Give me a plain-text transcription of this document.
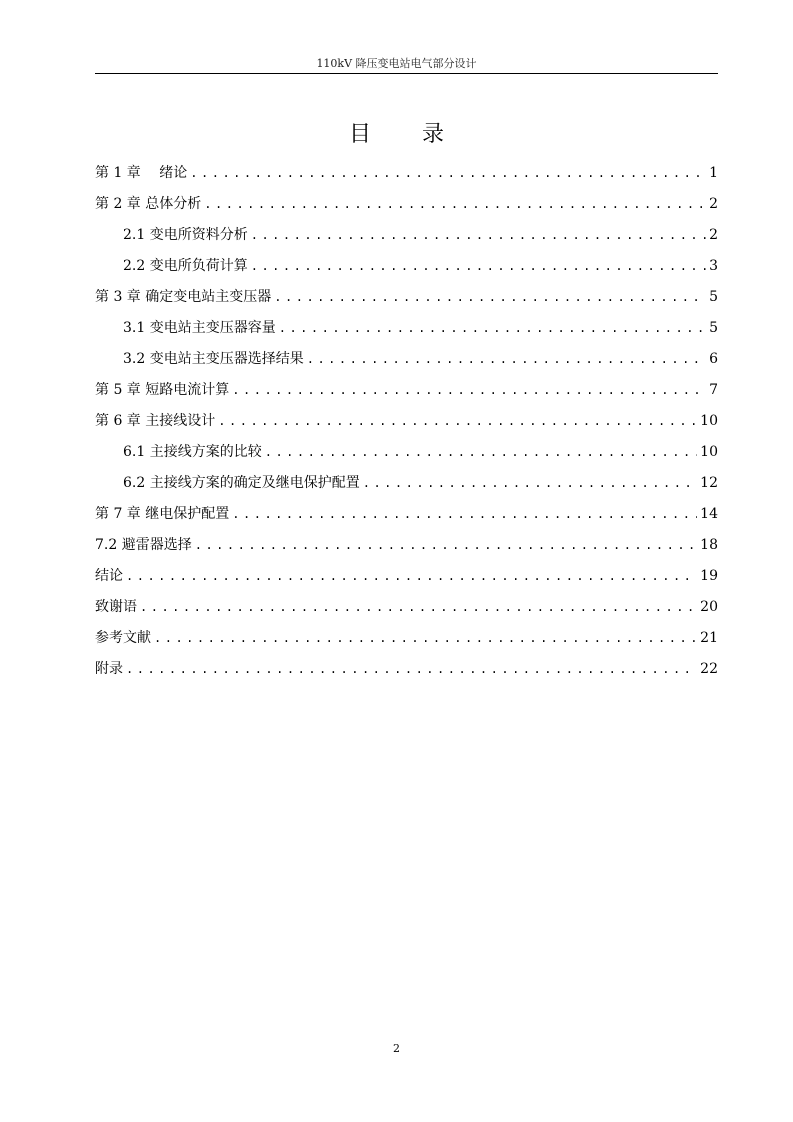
110kV 降压变电站电气部分设计
目 录
第 1 章　 绪论 .....	1
第 2 章 总体分析 .....	2
2.1 变电所资料分析 .....	2
2.2 变电所负荷计算 .....	3
第 3 章 确定变电站主变压器 .....	5
3.1 变电站主变压器容量 .....	5
3.2 变电站主变压器选择结果 .....	6
第 5 章 短路电流计算 .....	7
第 6 章 主接线设计 .....	10
6.1 主接线方案的比较 .....	10
6.2 主接线方案的确定及继电保护配置 .....	12
第 7 章 继电保护配置 .....	14
7.2 避雷器选择 .....	18
结论 .....	19
致谢语 .....	20
参考文献 .....	21
附录 .....	22
2
